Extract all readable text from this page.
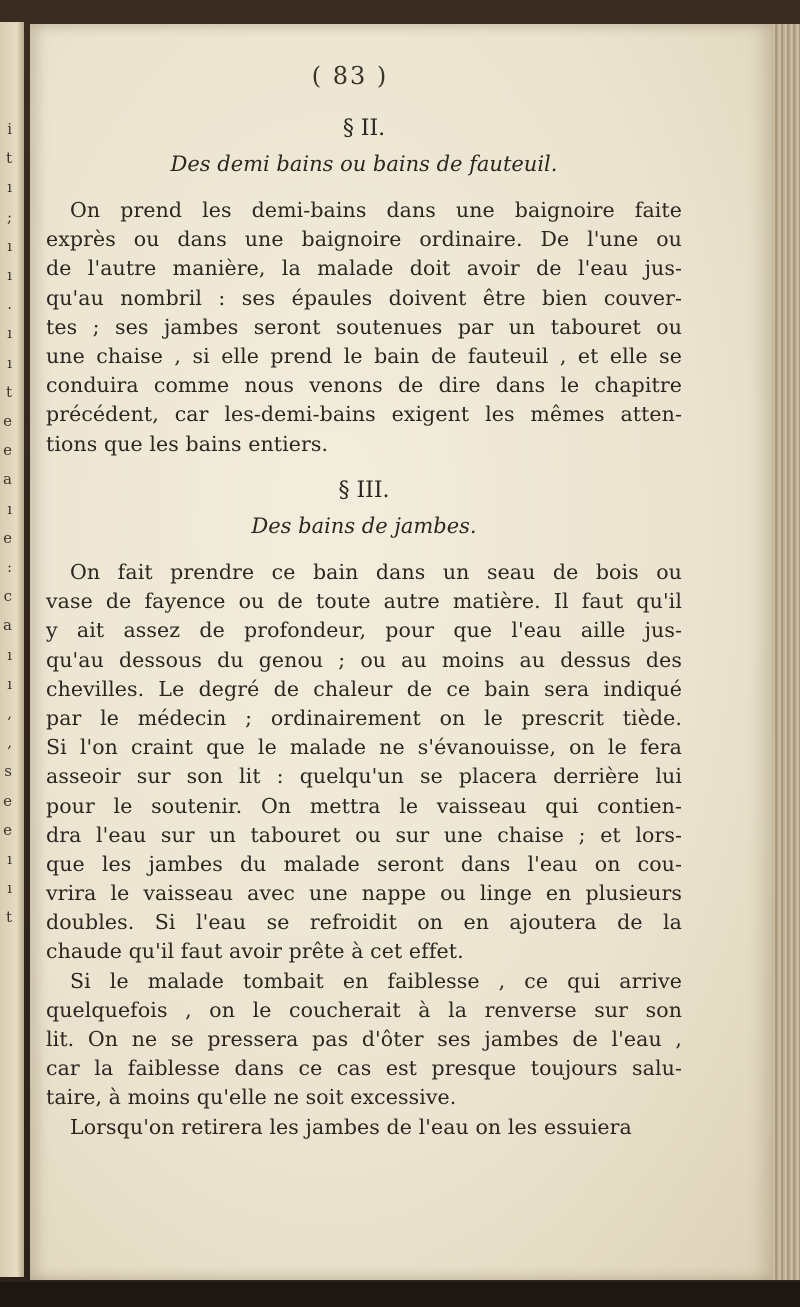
i
t
ı
;
ı
ı
.
ı
ı
t
e
e
a
ı
e
:
c
a
ı
ı
,
,
s
e
e
ı
ı
t
( 83 )
§ II.
Des demi bains ou bains de fauteuil.
On prend les demi-bains dans une baignoire faite
exprès ou dans une baignoire ordinaire. De l'une ou
de l'autre manière, la malade doit avoir de l'eau jus-
qu'au nombril : ses épaules doivent être bien couver-
tes ; ses jambes seront soutenues par un tabouret ou
une chaise , si elle prend le bain de fauteuil , et elle se
conduira comme nous venons de dire dans le chapitre
précédent, car les-demi-bains exigent les mêmes atten-
tions que les bains entiers.
§ III.
Des bains de jambes.
On fait prendre ce bain dans un seau de bois ou
vase de fayence ou de toute autre matière. Il faut qu'il
y ait assez de profondeur, pour que l'eau aille jus-
qu'au dessous du genou ; ou au moins au dessus des
chevilles. Le degré de chaleur de ce bain sera indiqué
par le médecin ; ordinairement on le prescrit tiède.
Si l'on craint que le malade ne s'évanouisse, on le fera
asseoir sur son lit : quelqu'un se placera derrière lui
pour le soutenir. On mettra le vaisseau qui contien-
dra l'eau sur un tabouret ou sur une chaise ; et lors-
que les jambes du malade seront dans l'eau on cou-
vrira le vaisseau avec une nappe ou linge en plusieurs
doubles. Si l'eau se refroidit on en ajoutera de la
chaude qu'il faut avoir prête à cet effet.
Si le malade tombait en faiblesse , ce qui arrive
quelquefois , on le coucherait à la renverse sur son
lit. On ne se pressera pas d'ôter ses jambes de l'eau ,
car la faiblesse dans ce cas est presque toujours salu-
taire, à moins qu'elle ne soit excessive.
Lorsqu'on retirera les jambes de l'eau on les essuiera
